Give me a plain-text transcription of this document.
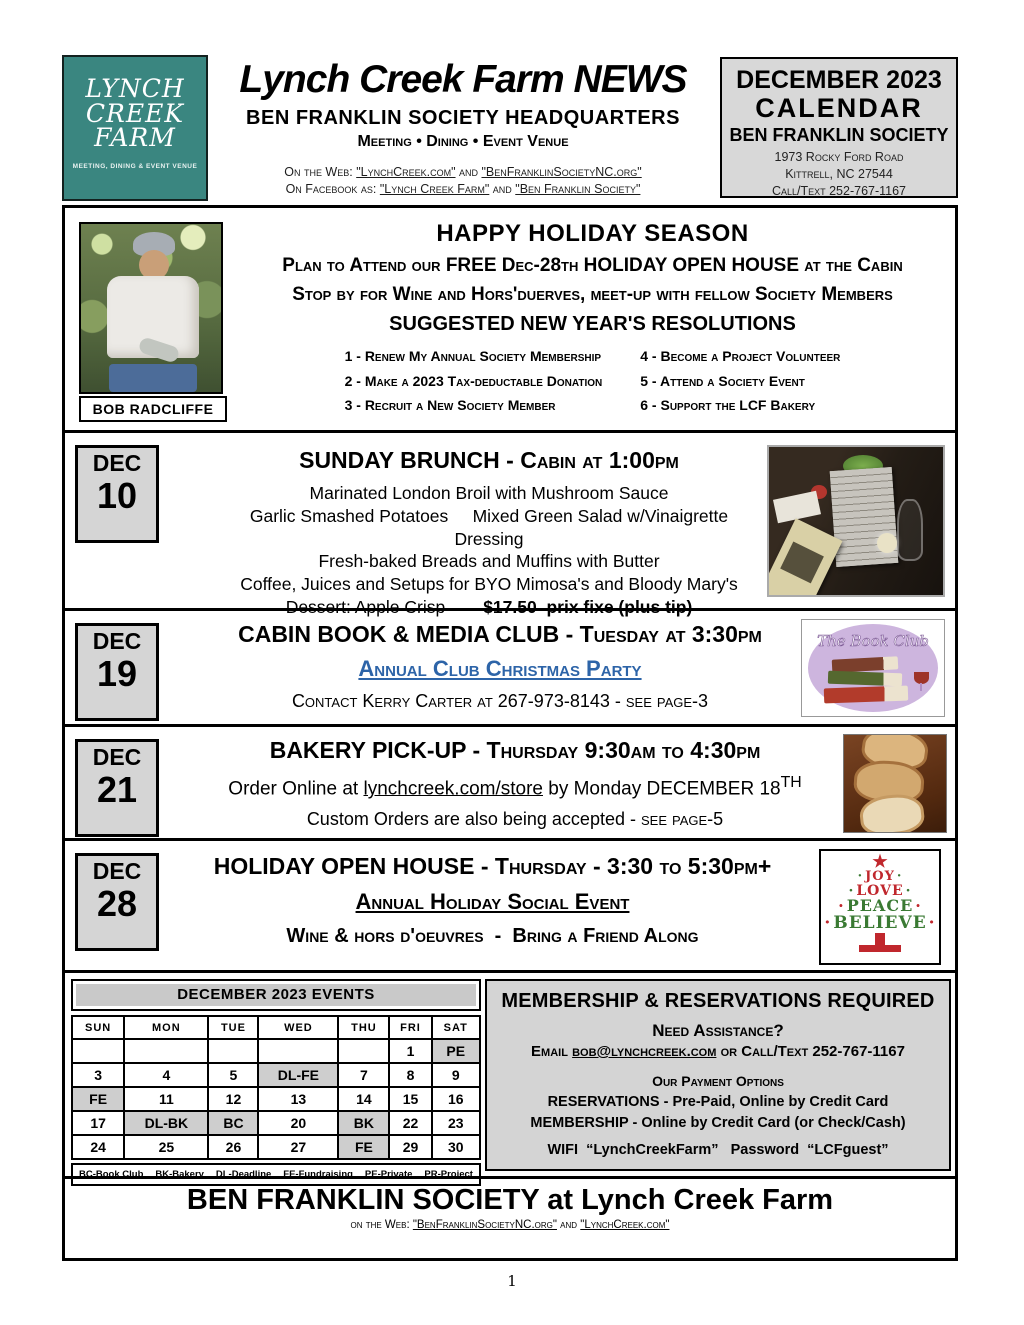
LYNCH
CREEK
FARM
MEETING, DINING & EVENT VENUE
Lynch Creek Farm NEWS
BEN FRANKLIN SOCIETY HEADQUARTERS
Meeting • Dining • Event Venue
On the Web: "LynchCreek.com" and "BenFranklinSocietyNC.org"
On Facebook as: "Lynch Creek Farm" and "Ben Franklin Society"
DECEMBER 2023
CALENDAR
BEN FRANKLIN SOCIETY
1973 Rocky Ford Road
Kittrell, NC 27544
Call/Text 252-767-1167
BOB RADCLIFFE
HAPPY HOLIDAY SEASON
Plan to Attend our FREE Dec-28th HOLIDAY OPEN HOUSE at the Cabin
Stop by for Wine and Hors'duerves, meet-up with fellow Society Members
SUGGESTED NEW YEAR'S RESOLUTIONS
1 - Renew My Annual Society Membership
2 - Make a 2023 Tax-deductable Donation
3 - Recruit a New Society Member
4 - Become a Project Volunteer
5 - Attend a Society Event
6 - Support the LCF Bakery
DEC
10
SUNDAY BRUNCH - Cabin at 1:00pm
Marinated London Broil with Mushroom Sauce
Garlic Smashed Potatoes     Mixed Green Salad w/Vinaigrette Dressing
Fresh-baked Breads and Muffins with Butter
Coffee, Juices and Setups for BYO Mimosa's and Bloody Mary's
Dessert: Apple Crisp $17.50  prix fixe (plus tip)
DEC
19
CABIN BOOK & MEDIA CLUB - Tuesday at 3:30pm
Annual Club Christmas Party
Contact Kerry Carter at 267-973-8143 - see page-3
The Book Club
DEC
21
BAKERY PICK-UP - Thursday 9:30am to 4:30pm
Order Online at lynchcreek.com/store by Monday DECEMBER 18TH
Custom Orders are also being accepted - see page-5
DEC
28
HOLIDAY OPEN HOUSE - Thursday - 3:30 to 5:30pm+
Annual Holiday Social Event
Wine & hors d'oeuvres  -  Bring a Friend Along
★
· JOY ·
· LOVE ·
· PEACE ·
· BELIEVE ·
DECEMBER 2023 EVENTS
SUN	MON	TUE	WED	THU	FRI	SAT
					1	PE
3	4	5	DL-FE	7	8	9
FE	11	12	13	14	15	16
17	DL-BK	BC	20	BK	22	23
24	25	26	27	FE	29	30
BC-Book Club BK-Bakery DL-Deadline FE-Fundraising PE-Private PR-Project
MEMBERSHIP & RESERVATIONS REQUIRED
Need Assistance?
Email bob@lynchcreek.com or Call/Text 252-767-1167
Our Payment Options
RESERVATIONS - Pre-Paid, Online by Credit Card
MEMBERSHIP - Online by Credit Card (or Check/Cash)
WIFI  “LynchCreekFarm”   Password  “LCFguest”
BEN FRANKLIN SOCIETY at Lynch Creek Farm
on the Web: "BenFranklinSocietyNC.org" and "LynchCreek.com"
1
